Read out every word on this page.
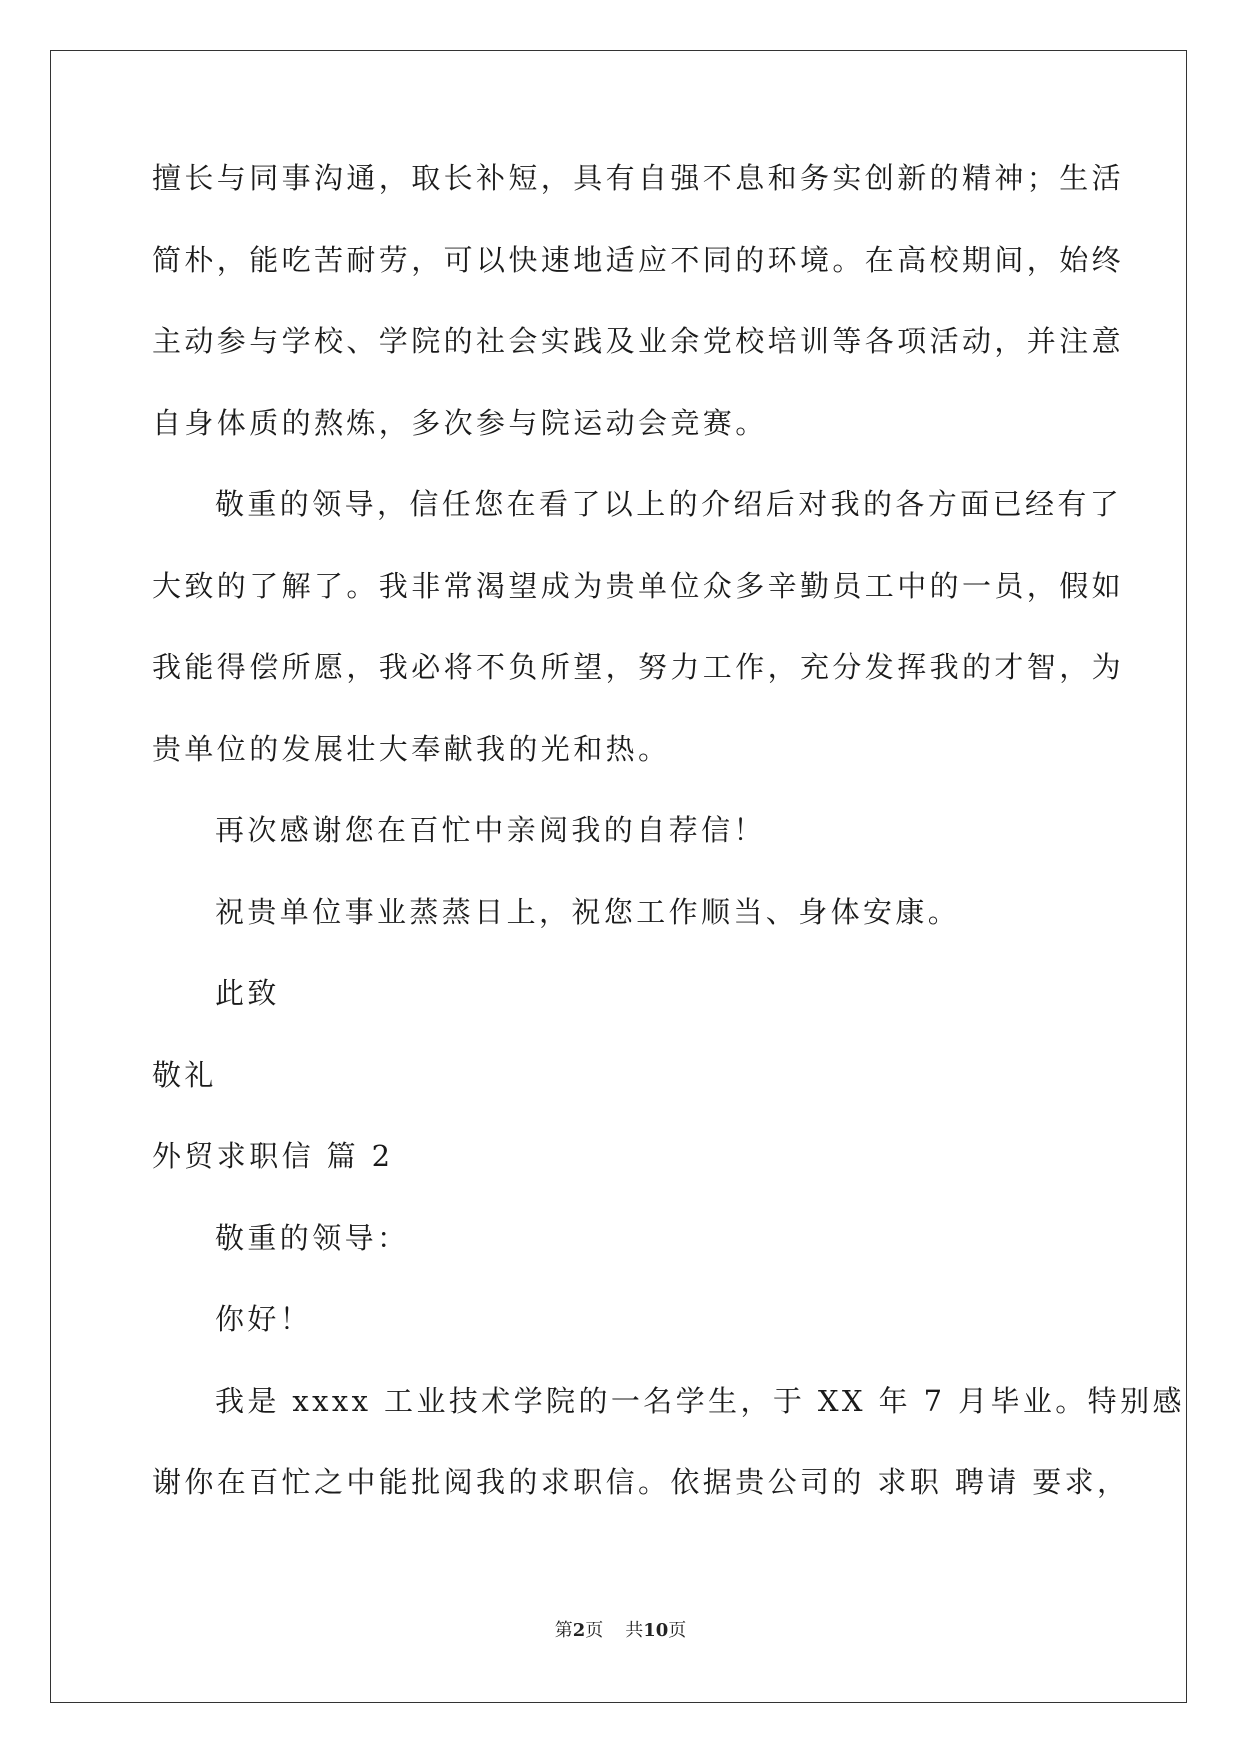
擅长与同事沟通，取长补短，具有自强不息和务实创新的精神；生活
简朴，能吃苦耐劳，可以快速地适应不同的环境。在高校期间，始终
主动参与学校、学院的社会实践及业余党校培训等各项活动，并注意
自身体质的熬炼，多次参与院运动会竞赛。
敬重的领导，信任您在看了以上的介绍后对我的各方面已经有了
大致的了解了。我非常渴望成为贵单位众多辛勤员工中的一员，假如
我能得偿所愿，我必将不负所望，努力工作，充分发挥我的才智，为
贵单位的发展壮大奉献我的光和热。
再次感谢您在百忙中亲阅我的自荐信！
祝贵单位事业蒸蒸日上，祝您工作顺当、身体安康。
此致
敬礼
外贸求职信 篇 2
敬重的领导：
你好！
我是 xxxx 工业技术学院的一名学生，于 XX 年 7 月毕业。特别感
谢你在百忙之中能批阅我的求职信。依据贵公司的 求职 聘请 要求，
第2页 共10页
